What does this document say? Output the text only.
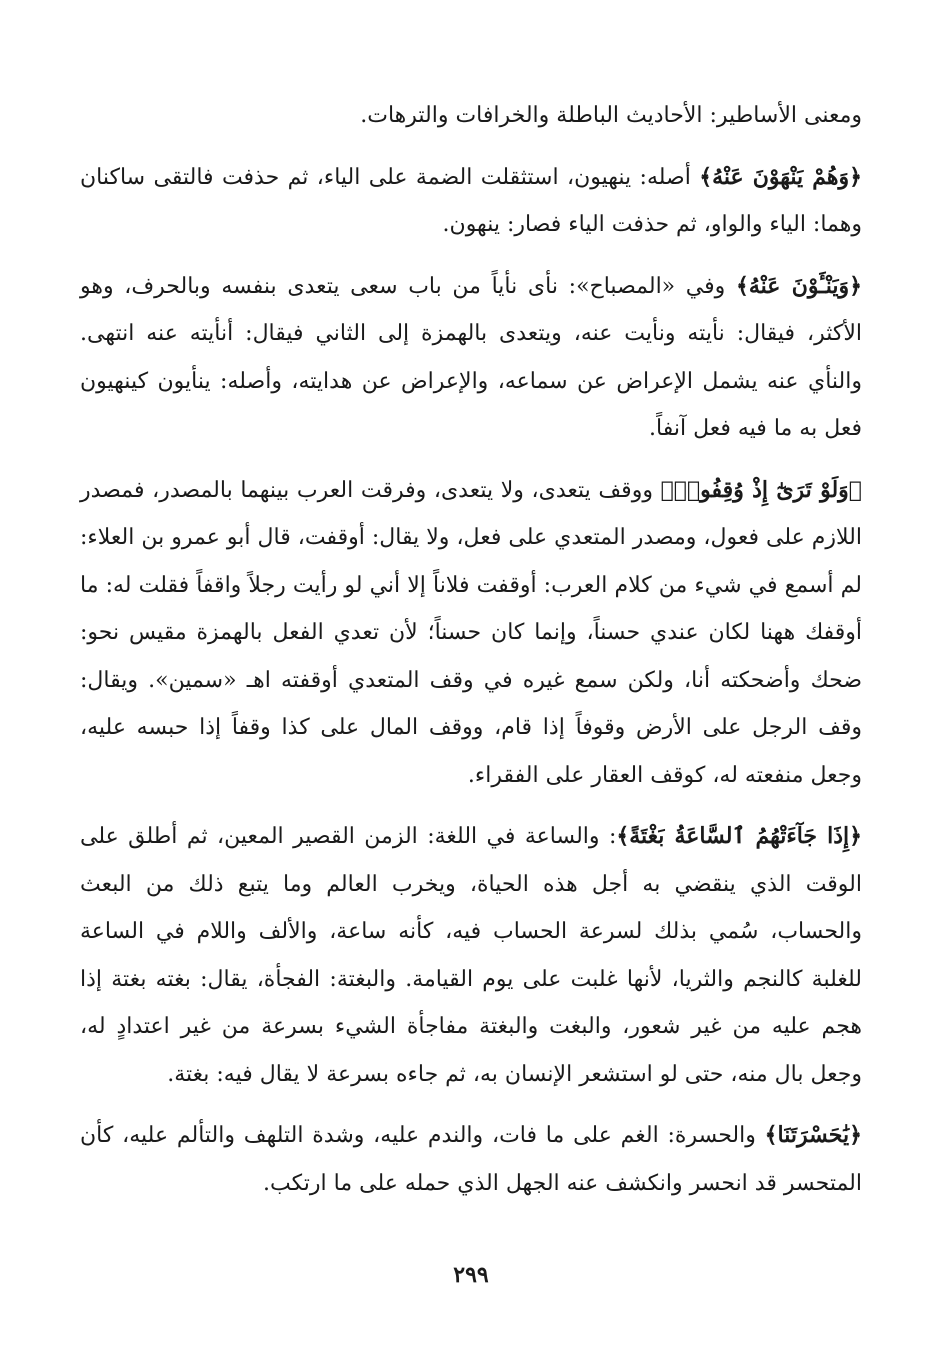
ومعنى الأساطير: الأحاديث الباطلة والخرافات والترهات.

﴿وَهُمْ يَنْهَوْنَ عَنْهُ﴾ أصله: ينهيون، استثقلت الضمة على الياء، ثم حذفت فالتقى ساكنان وهما: الياء والواو، ثم حذفت الياء فصار: ينهون.

﴿وَيَنْـَٔوْنَ عَنْهُ﴾ وفي «المصباح»: نأى نأياً من باب سعى يتعدى بنفسه وبالحرف، وهو الأكثر، فيقال: نأيته ونأيت عنه، ويتعدى بالهمزة إلى الثاني فيقال: أنأيته عنه انتهى. والنأي عنه يشمل الإعراض عن سماعه، والإعراض عن هدايته، وأصله: ينأيون كينهيون فعل به ما فيه فعل آنفاً.

﴿وَلَوْ تَرَىٰٓ إِذْ وُقِفُوا۟﴾ ووقف يتعدى، ولا يتعدى، وفرقت العرب بينهما بالمصدر، فمصدر اللازم على فعول، ومصدر المتعدي على فعل، ولا يقال: أوقفت، قال أبو عمرو بن العلاء: لم أسمع في شيء من كلام العرب: أوقفت فلاناً إلا أني لو رأيت رجلاً واقفاً فقلت له: ما أوقفك ههنا لكان عندي حسناً، وإنما كان حسناً؛ لأن تعدي الفعل بالهمزة مقيس نحو: ضحك وأضحكته أنا، ولكن سمع غيره في وقف المتعدي أوقفته اهـ «سمين». ويقال: وقف الرجل على الأرض وقوفاً إذا قام، ووقف المال على كذا وقفاً إذا حبسه عليه، وجعل منفعته له، كوقف العقار على الفقراء.

﴿إِذَا جَآءَتْهُمُ ٱلسَّاعَةُ بَغْتَةً﴾: والساعة في اللغة: الزمن القصير المعين، ثم أطلق على الوقت الذي ينقضي به أجل هذه الحياة، ويخرب العالم وما يتبع ذلك من البعث والحساب، سُمي بذلك لسرعة الحساب فيه، كأنه ساعة، والألف واللام في الساعة للغلبة كالنجم والثريا، لأنها غلبت على يوم القيامة. والبغتة: الفجأة، يقال: بغته بغتة إذا هجم عليه من غير شعور، والبغت والبغتة مفاجأة الشيء بسرعة من غير اعتدادٍ له، وجعل بال منه، حتى لو استشعر الإنسان به، ثم جاءه بسرعة لا يقال فيه: بغتة.

﴿يَٰحَسْرَتَنَا﴾ والحسرة: الغم على ما فات، والندم عليه، وشدة التلهف والتألم عليه، كأن المتحسر قد انحسر وانكشف عنه الجهل الذي حمله على ما ارتكب.

٢٩٩
